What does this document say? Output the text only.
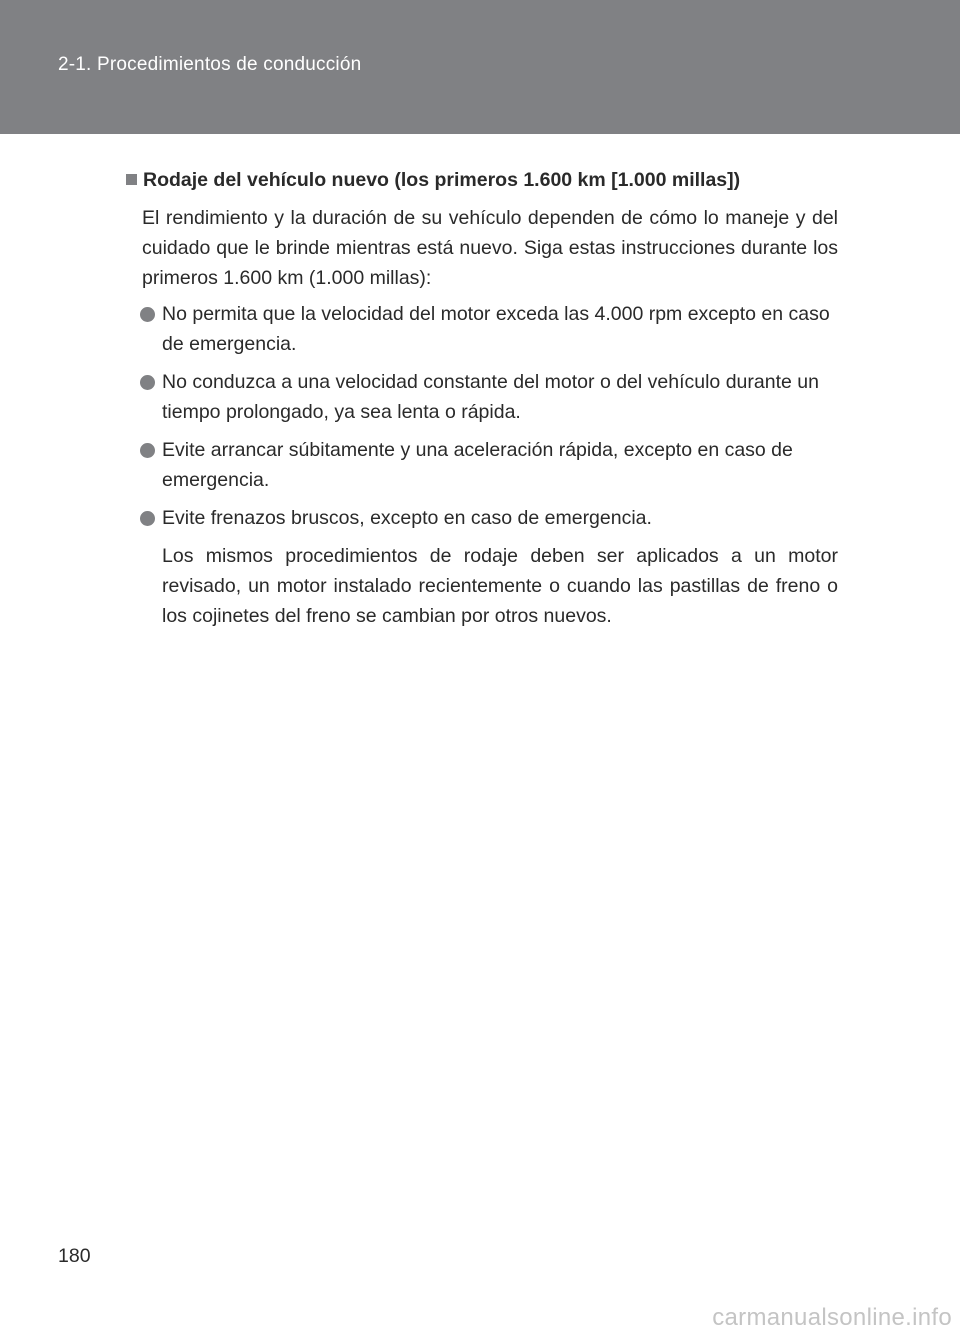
2-1. Procedimientos de conducción
Rodaje del vehículo nuevo (los primeros 1.600 km [1.000 millas])

El rendimiento y la duración de su vehículo dependen de cómo lo maneje y del cuidado que le brinde mientras está nuevo. Siga estas instrucciones durante los primeros 1.600 km (1.000 millas):

No permita que la velocidad del motor exceda las 4.000 rpm excepto en caso de emergencia.
No conduzca a una velocidad constante del motor o del vehículo durante un tiempo prolongado, ya sea lenta o rápida.
Evite arrancar súbitamente y una aceleración rápida, excepto en caso de emergencia.
Evite frenazos bruscos, excepto en caso de emergencia.

Los mismos procedimientos de rodaje deben ser aplicados a un motor revisado, un motor instalado recientemente o cuando las pastillas de freno o los cojinetes del freno se cambian por otros nuevos.

180
carmanualsonline.info
